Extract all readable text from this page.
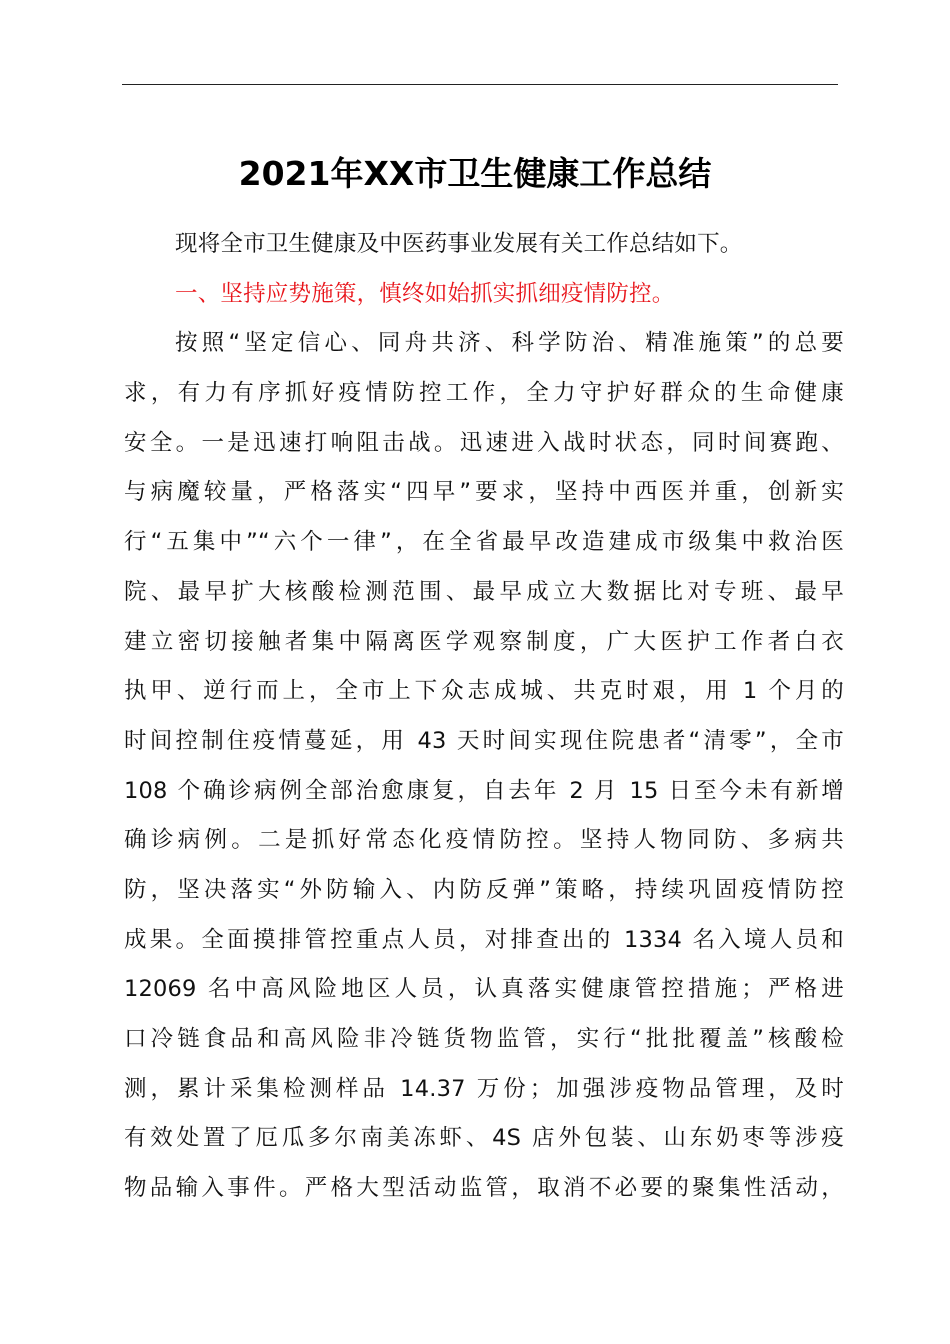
2021年XX市卫生健康工作总结
现将全市卫生健康及中医药事业发展有关工作总结如下。
一、坚持应势施策，慎终如始抓实抓细疫情防控。
按照“坚定信心、同舟共济、科学防治、精准施策”的总要
求，有力有序抓好疫情防控工作，全力守护好群众的生命健康
安全。一是迅速打响阻击战。迅速进入战时状态，同时间赛跑、
与病魔较量，严格落实“四早”要求，坚持中西医并重，创新实
行“五集中”“六个一律”，在全省最早改造建成市级集中救治医
院、最早扩大核酸检测范围、最早成立大数据比对专班、最早
建立密切接触者集中隔离医学观察制度，广大医护工作者白衣
执甲、逆行而上，全市上下众志成城、共克时艰，用 1 个月的
时间控制住疫情蔓延，用 43 天时间实现住院患者“清零”，全市
108 个确诊病例全部治愈康复，自去年 2 月 15 日至今未有新增
确诊病例。二是抓好常态化疫情防控。坚持人物同防、多病共
防，坚决落实“外防输入、内防反弹”策略，持续巩固疫情防控
成果。全面摸排管控重点人员，对排查出的 1334 名入境人员和
12069 名中高风险地区人员，认真落实健康管控措施；严格进
口冷链食品和高风险非冷链货物监管，实行“批批覆盖”核酸检
测，累计采集检测样品 14.37 万份；加强涉疫物品管理，及时
有效处置了厄瓜多尔南美冻虾、4S 店外包装、山东奶枣等涉疫
物品输入事件。严格大型活动监管，取消不必要的聚集性活动，
